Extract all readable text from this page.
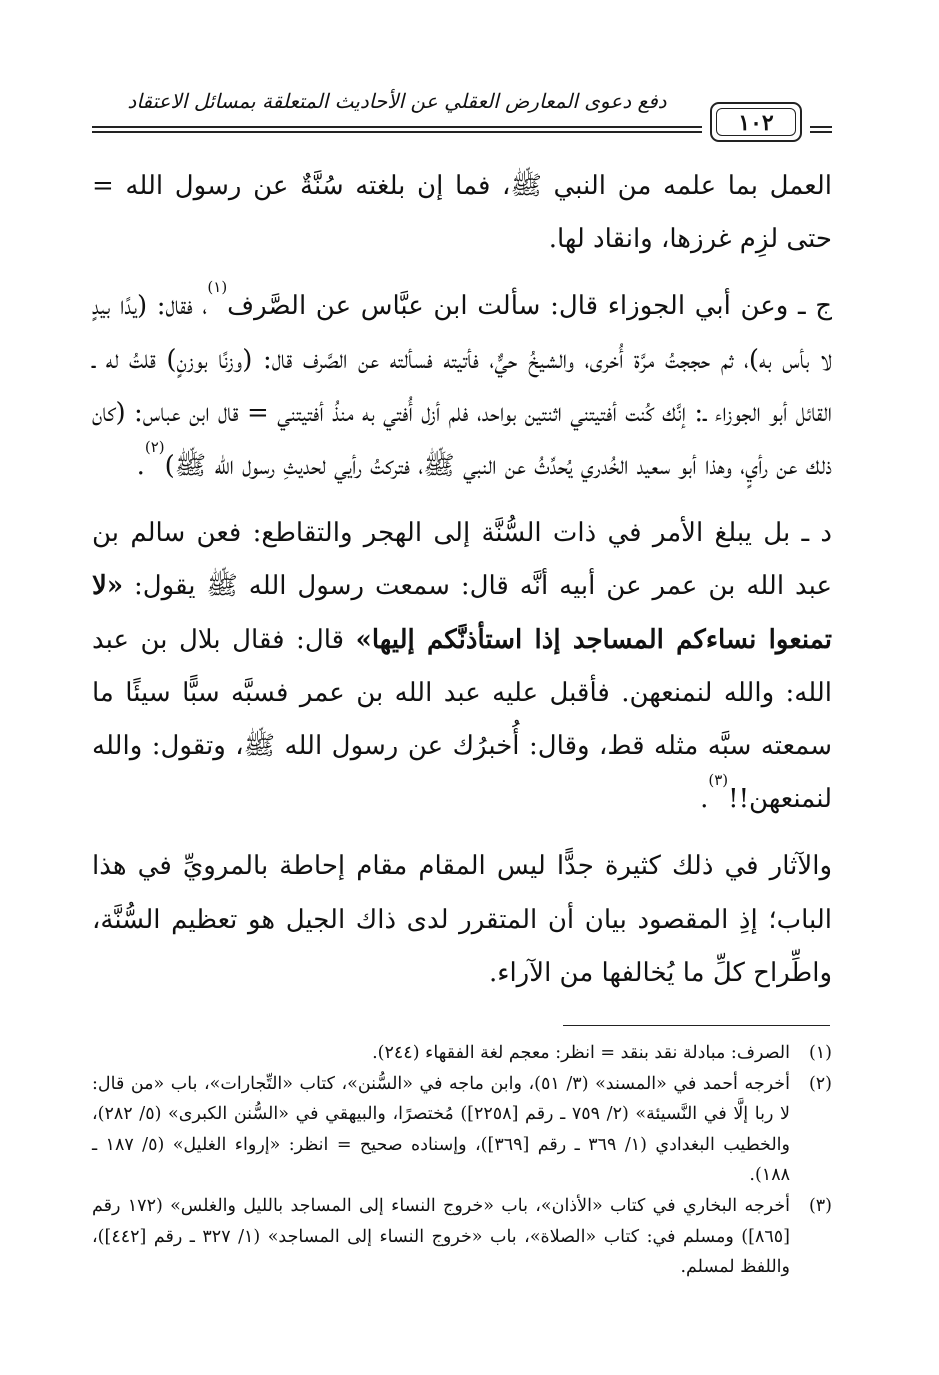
دفع دعوى المعارض العقلي عن الأحاديث المتعلقة بمسائل الاعتقاد
١٠٢

العمل بما علمه من النبي ﷺ، فما إن بلغته سُنَّةٌ عن رسول الله = حتى لزِم غرزها، وانقاد لها.

ج ـ وعن أبي الجوزاء قال: سألت ابن عبَّاس عن الصَّرف$^{(١)}$، فقال: (يدًا بيدٍ لا بأس به)، ثم حججتُ مرَّة أُخرى، والشيخُ حيٌّ، فأتيته فسألته عن الصَّرف قال: (وزنًا بوزنٍ) قلتُ له ـ القائل أبو الجوزاء ـ: إنَّك كُنت أفتيتني اثنتين بواحد، فلم أزل أُفتي به منذُ أفتيتني = قال ابن عباس: (كان ذلك عن رأيٍ، وهذا أبو سعيد الخُدري يُحدِّثُ عن النبي ﷺ، فتركتُ رأيي لحديثِ رسول الله ﷺ)$^{(٢)}$.

د ـ بل يبلغ الأمر في ذات السُّنَّة إلى الهجر والتقاطع: فعن سالم بن عبد الله بن عمر عن أبيه أنَّه قال: سمعت رسول الله ﷺ يقول: «لا تمنعوا نساءكم المساجد إذا استأذنَّكم إليها» قال: فقال بلال بن عبد الله: والله لنمنعهن. فأقبل عليه عبد الله بن عمر فسبَّه سبًّا سيئًا ما سمعته سبَّه مثله قط، وقال: أُخبرُك عن رسول الله ﷺ، وتقول: والله لنمنعهن!!$^{(٣)}$.

والآثار في ذلك كثيرة جدًّا ليس المقام مقام إحاطة بالمرويِّ في هذا الباب؛ إذِ المقصود بيان أن المتقرر لدى ذاك الجيل هو تعظيم السُّنَّة، واطِّراح كلِّ ما يُخالفها من الآراء.

(١)
الصرف: مبادلة نقد بنقد = انظر: معجم لغة الفقهاء (٢٤٤).
(٢)
أخرجه أحمد في «المسند» (٣/ ٥١)، وابن ماجه في «السُّنن»، كتاب «التِّجارات»، باب «من قال: لا ربا إلَّا في النَّسيئة» (٢/ ٧٥٩ ـ رقم [٢٢٥٨]) مُختصرًا، والبيهقي في «السُّنن الكبرى» (٥/ ٢٨٢)، والخطيب البغدادي (١/ ٣٦٩ ـ رقم [٣٦٩])، وإسناده صحيح = انظر: «إرواء الغليل» (٥/ ١٨٧ ـ ١٨٨).
(٣)
أخرجه البخاري في كتاب «الأذان»، باب «خروج النساء إلى المساجد بالليل والغلس» (١٧٢ رقم [٨٦٥]) ومسلم في: كتاب «الصلاة»، باب «خروج النساء إلى المساجد» (١/ ٣٢٧ ـ رقم [٤٤٢])، واللفظ لمسلم.
